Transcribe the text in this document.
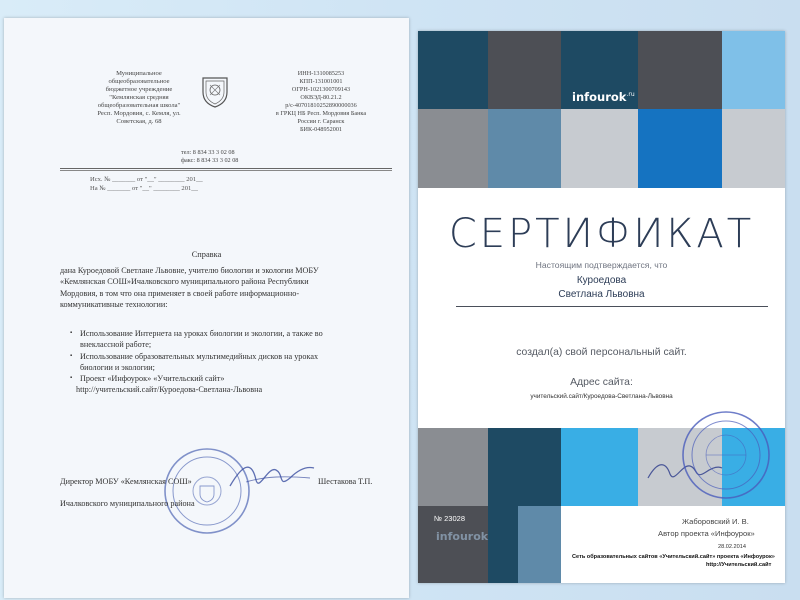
Муниципальное
общеобразовательное
бюджетное учреждение
"Кемлянская средняя
общеобразовательная школа"
Респ. Мордовия, с. Кемля, ул.
Советская, д. 68
ИНН-1310085253
КПП-131001001
ОГРН-1021300709143
ОКВЭД-80.21.2
р/с-40701810252890000036
в ГРКЦ НБ Респ. Мордовия Банка
России г. Саранск
БИК-048952001
тел: 8 834 33 3 02 08
факс: 8 834 33 3 02 08
Исх. № _______ от "__" ________ 201__
На № _______ от "__" ________ 201__
Справка
дана Куроедовой Светлане Львовне, учителю биологии и экологии МОБУ
«Кемлянская СОШ»Ичалковского муниципального района Республики
Мордовия, в том что она применяет в своей работе информационно-
коммуникативные технологии:
▪ Использование Интернета на уроках биологии и экологии, а также во
внеклассной работе;
▪ Использование образовательных мультимедийных дисков на уроках
биологии и экологии;
▪ Проект «Инфоурок» «Учительский сайт»
http://учительский.сайт/Куроедова-Светлана-Львовна
Директор МОБУ «Кемлянская СОШ»	Шестакова Т.П.
Ичалковского муниципального района
infourok$^{.ru}$
СЕРТИФИКАТ
Настоящим подтверждается, что
Куроедова
Светлана Львовна
создал(а) свой персональный сайт.
Адрес сайта:
учительский.сайт/Куроедова-Светлана-Львовна
№ 23028
infourok
Жаборовский И. В.
Автор проекта «Инфоурок»
28.02.2014
Сеть образовательных сайтов «Учительский.сайт» проекта «Инфоурок»
http://Учительский.сайт
